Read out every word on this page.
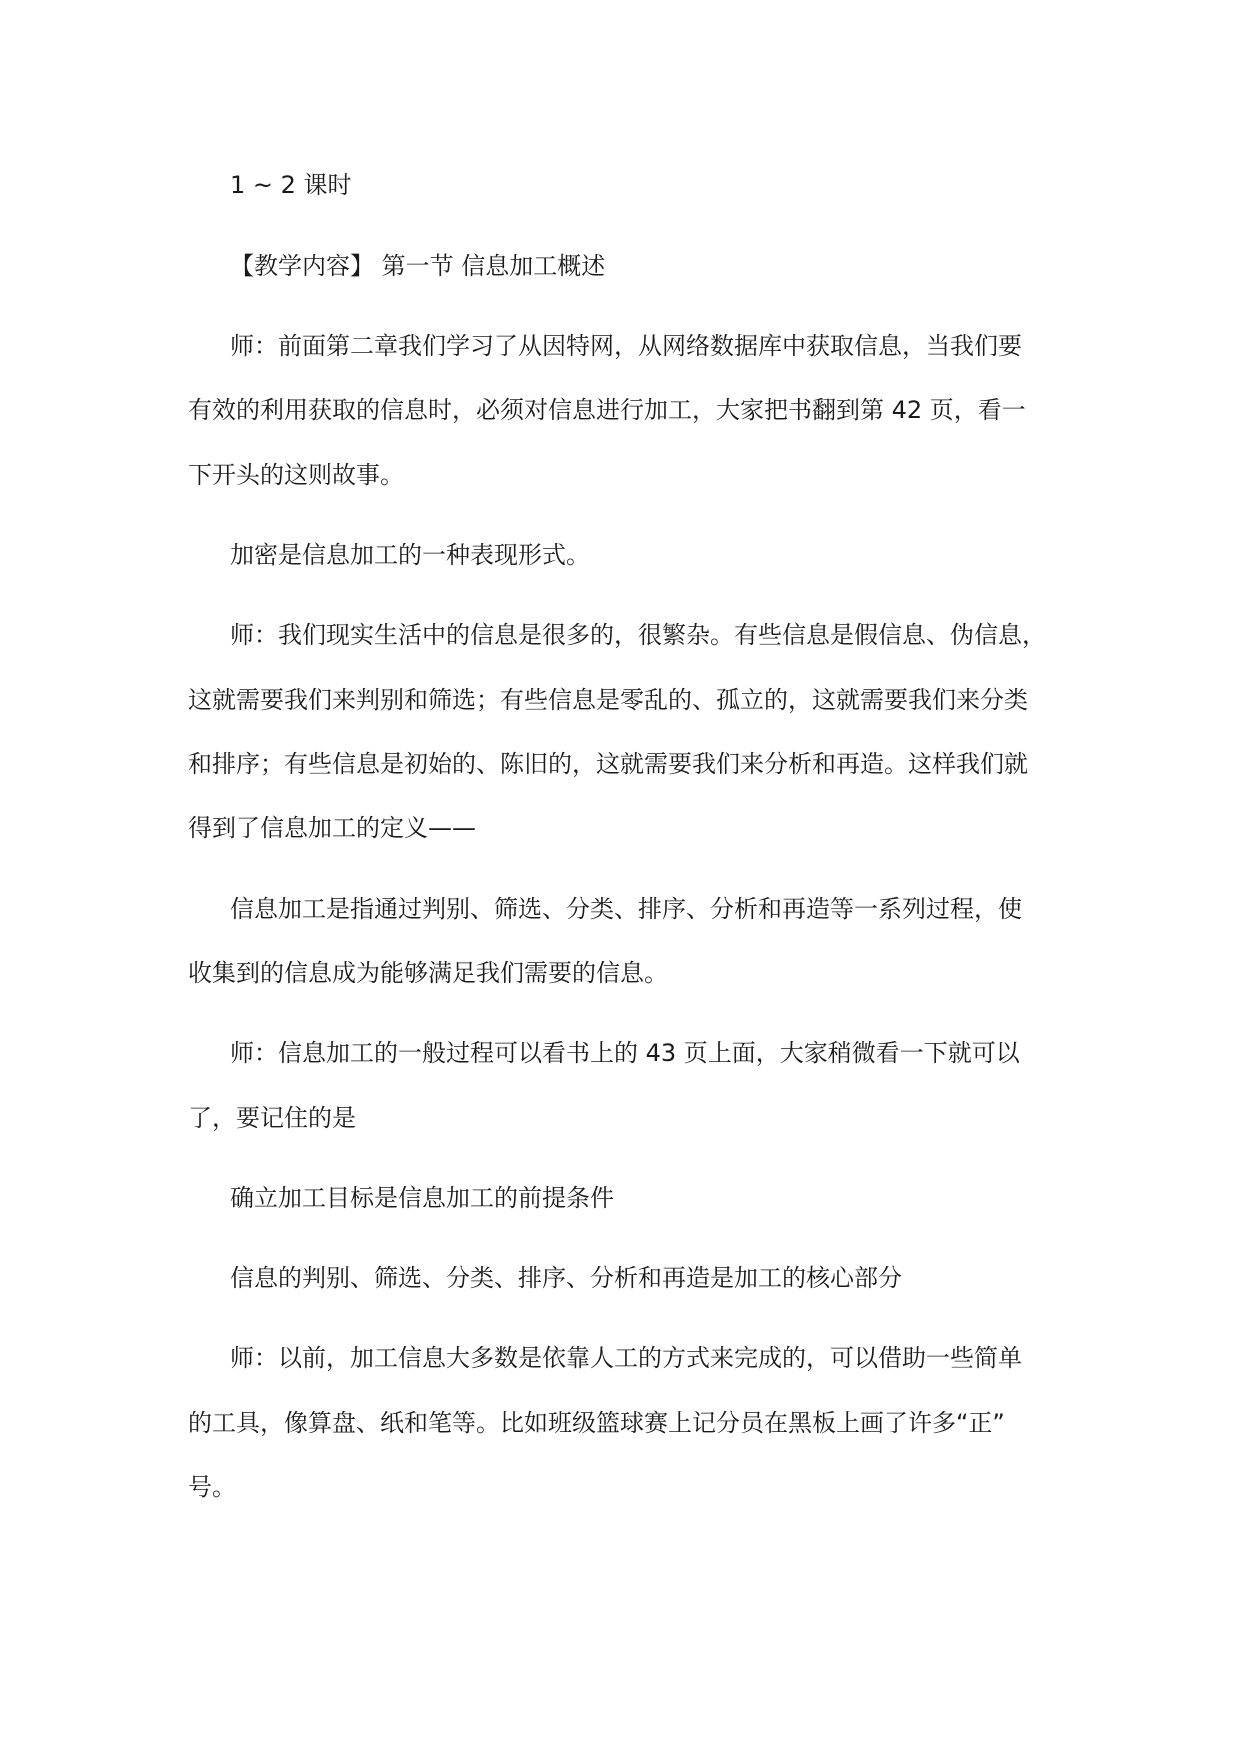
1 ~ 2 课时
【教学内容】 第一节 信息加工概述
师：前面第二章我们学习了从因特网，从网络数据库中获取信息，当我们要
有效的利用获取的信息时，必须对信息进行加工，大家把书翻到第 42 页，看一
下开头的这则故事。
加密是信息加工的一种表现形式。
师：我们现实生活中的信息是很多的，很繁杂。有些信息是假信息、伪信息，
这就需要我们来判别和筛选；有些信息是零乱的、孤立的，这就需要我们来分类
和排序；有些信息是初始的、陈旧的，这就需要我们来分析和再造。这样我们就
得到了信息加工的定义——
信息加工是指通过判别、筛选、分类、排序、分析和再造等一系列过程，使
收集到的信息成为能够满足我们需要的信息。
师：信息加工的一般过程可以看书上的 43 页上面，大家稍微看一下就可以
了，要记住的是
确立加工目标是信息加工的前提条件
信息的判别、筛选、分类、排序、分析和再造是加工的核心部分
师：以前，加工信息大多数是依靠人工的方式来完成的，可以借助一些简单
的工具，像算盘、纸和笔等。比如班级篮球赛上记分员在黑板上画了许多“正”
号。
